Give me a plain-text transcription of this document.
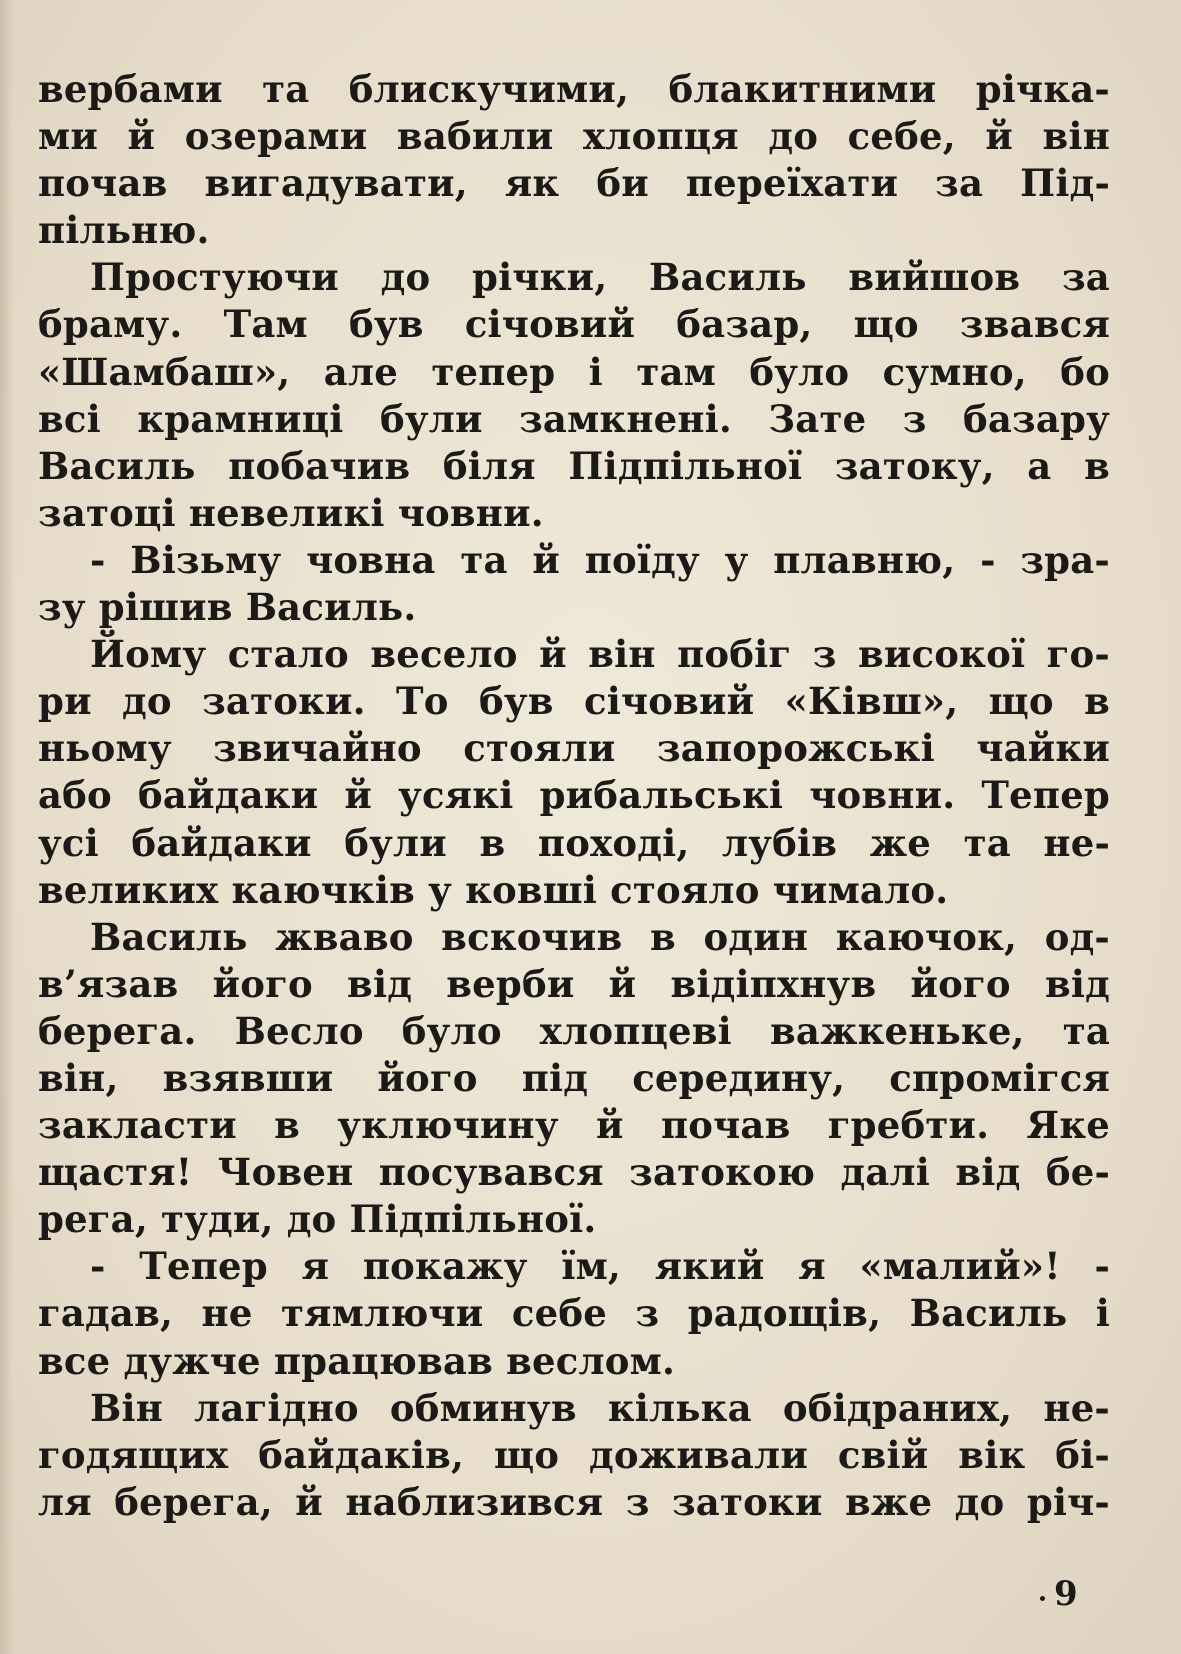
вербами та блискучими, блакитними річка-
ми й озерами вабили хлопця до себе, й він
почав вигадувати, як би переїхати за Під-
пільню.
Простуючи до річки, Василь вийшов за
браму. Там був січовий базар, що звався
«Шамбаш», але тепер і там було сумно, бо
всі крамниці були замкнені. Зате з базару
Василь побачив біля Підпільної затоку, а в
затоці невеликі човни.
- Візьму човна та й поїду у плавню, - зра-
зу рішив Василь.
Йому стало весело й він побіг з високої го-
ри до затоки. То був січовий «Ківш», що в
ньому звичайно стояли запорожські чайки
або байдаки й усякі рибальські човни. Тепер
усі байдаки були в поході, лубів же та не-
великих каючків у ковші стояло чимало.
Василь жваво вскочив в один каючок, од-
в’язав його від верби й відіпхнув його від
берега. Весло було хлопцеві важкеньке, та
він, взявши його під середину, спромігся
закласти в уключину й почав гребти. Яке
щастя! Човен посувався затокою далі від бе-
рега, туди, до Підпільної.
- Тепер я покажу їм, який я «малий»! -
гадав, не тямлючи себе з радощів, Василь і
все дужче працював веслом.
Він лагідно обминув кілька обідраних, не-
годящих байдаків, що доживали свій вік бі-
ля берега, й наблизився з затоки вже до річ-
9
